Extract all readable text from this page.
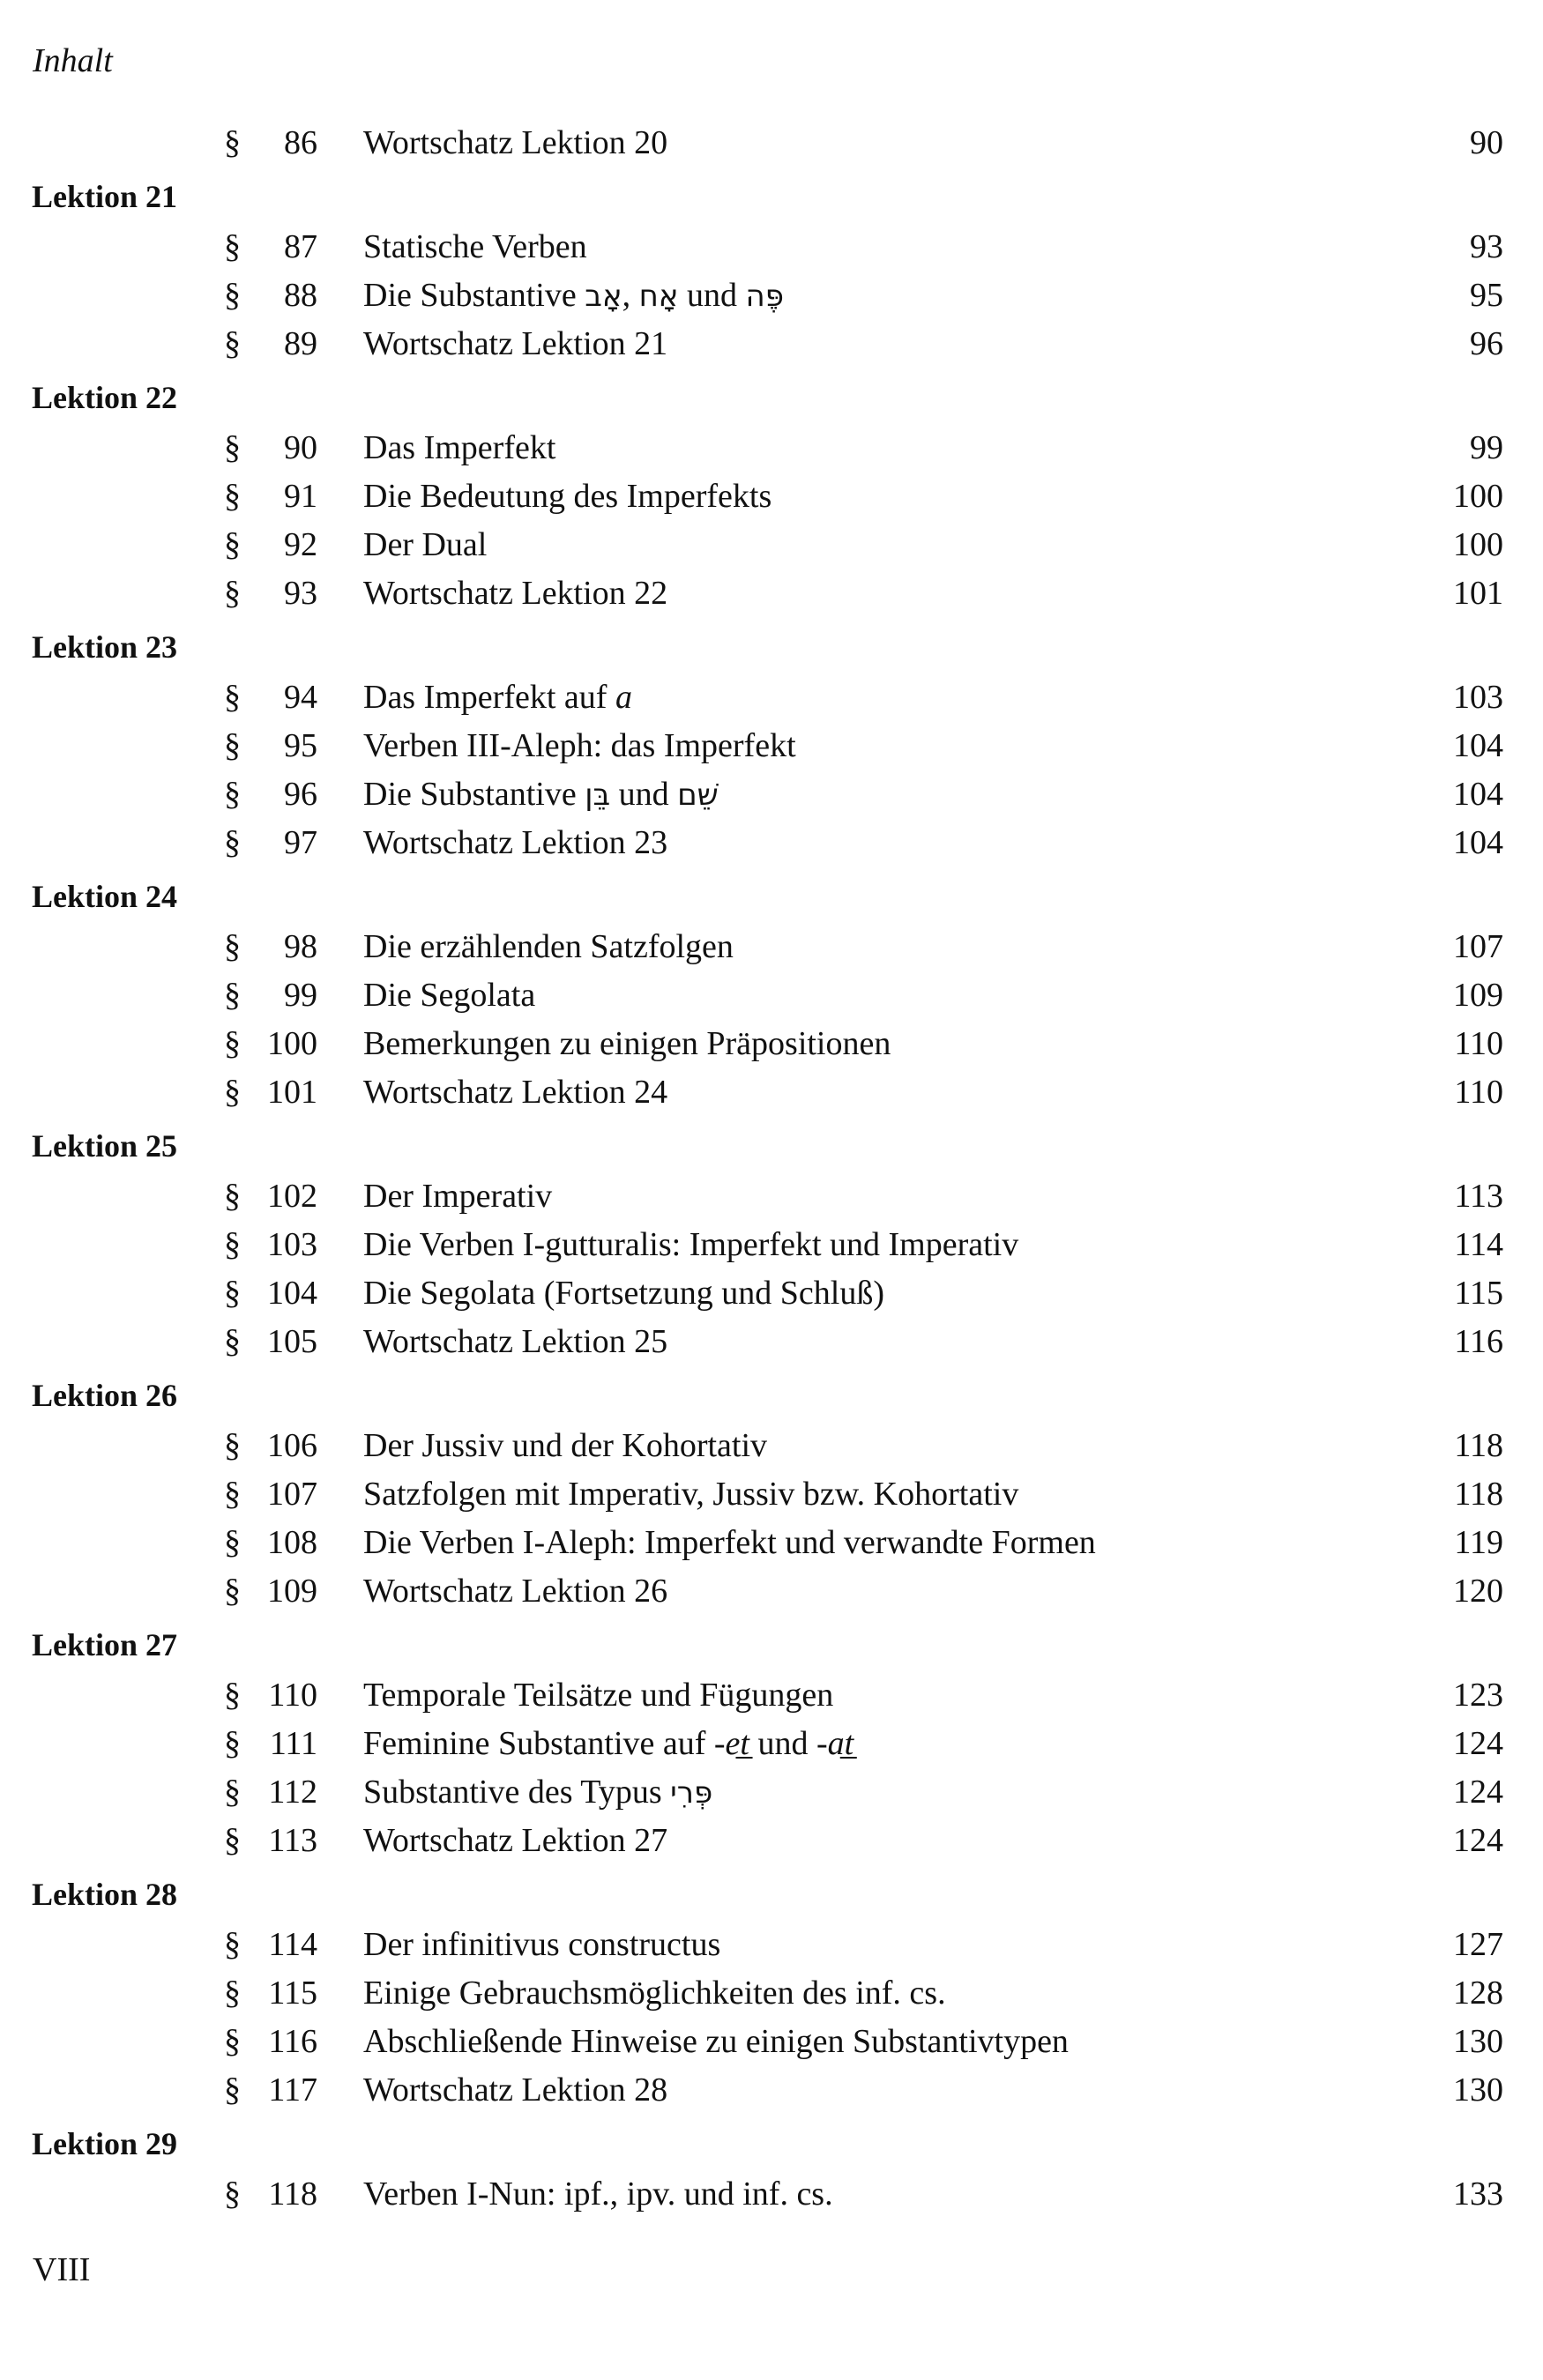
Inhalt
§	86 Wortschatz Lektion 20	90
Lektion 21
§	87 Statische Verben	93
§	88 Die Substantive אָב, אָח und פֶּה	95
§	89 Wortschatz Lektion 21	96
Lektion 22
§	90 Das Imperfekt	99
§	91 Die Bedeutung des Imperfekts	100
§	92 Der Dual	100
§	93 Wortschatz Lektion 22	101
Lektion 23
§	94 Das Imperfekt auf a	103
§	95 Verben III-Aleph: das Imperfekt	104
§	96 Die Substantive בֵּן und שֵׁם	104
§	97 Wortschatz Lektion 23	104
Lektion 24
§	98 Die erzählenden Satzfolgen	107
§	99 Die Segolata	109
§ 100 Bemerkungen zu einigen Präpositionen	110
§ 101 Wortschatz Lektion 24	110
Lektion 25
§ 102 Der Imperativ	113
§ 103 Die Verben I-gutturalis: Imperfekt und Imperativ	114
§ 104 Die Segolata (Fortsetzung und Schluß)	115
§ 105 Wortschatz Lektion 25	116
Lektion 26
§ 106 Der Jussiv und der Kohortativ	118
§ 107 Satzfolgen mit Imperativ, Jussiv bzw. Kohortativ	118
§ 108 Die Verben I-Aleph: Imperfekt und verwandte Formen	119
§ 109 Wortschatz Lektion 26	120
Lektion 27
§ 110 Temporale Teilsätze und Fügungen	123
§ 111 Feminine Substantive auf -et̲ und -at̲	124
§ 112 Substantive des Typus פְּרִי	124
§ 113 Wortschatz Lektion 27	124
Lektion 28
§ 114 Der infinitivus constructus	127
§ 115 Einige Gebrauchsmöglichkeiten des inf. cs.	128
§ 116 Abschließende Hinweise zu einigen Substantivtypen	130
§ 117 Wortschatz Lektion 28	130
Lektion 29
§ 118 Verben I-Nun: ipf., ipv. und inf. cs.	133
VIII
